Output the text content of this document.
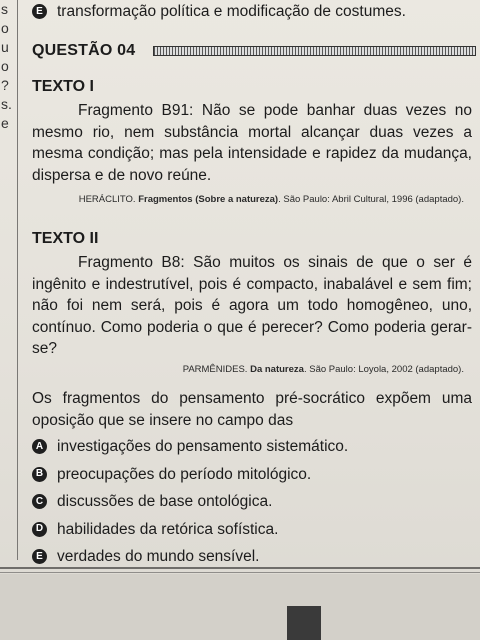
s
o
u
o
?
s.
e
E transformação política e modificação de costumes.
QUESTÃO 04
TEXTO I
Fragmento B91: Não se pode banhar duas vezes no mesmo rio, nem substância mortal alcançar duas vezes a mesma condição; mas pela intensidade e rapidez da mudança, dispersa e de novo reúne.
HERÁCLITO. Fragmentos (Sobre a natureza). São Paulo: Abril Cultural, 1996 (adaptado).
TEXTO II
Fragmento B8: São muitos os sinais de que o ser é ingênito e indestrutível, pois é compacto, inabalável e sem fim; não foi nem será, pois é agora um todo homogêneo, uno, contínuo. Como poderia o que é perecer? Como poderia gerar-se?
PARMÊNIDES. Da natureza. São Paulo: Loyola, 2002 (adaptado).
Os fragmentos do pensamento pré-socrático expõem uma oposição que se insere no campo das
A investigações do pensamento sistemático.
B preocupações do período mitológico.
C discussões de base ontológica.
D habilidades da retórica sofística.
E verdades do mundo sensível.
